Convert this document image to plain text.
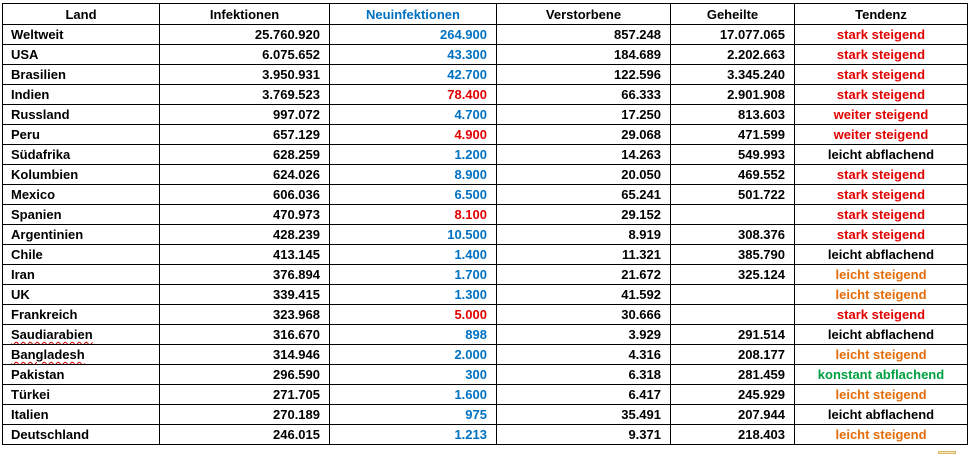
Land	Infektionen	Neuinfektionen	Verstorbene	Geheilte	Tendenz
Weltweit	25.760.920	264.900	857.248	17.077.065	stark steigend
USA	6.075.652	43.300	184.689	2.202.663	stark steigend
Brasilien	3.950.931	42.700	122.596	3.345.240	stark steigend
Indien	3.769.523	78.400	66.333	2.901.908	stark steigend
Russland	997.072	4.700	17.250	813.603	weiter steigend
Peru	657.129	4.900	29.068	471.599	weiter steigend
Südafrika	628.259	1.200	14.263	549.993	leicht abflachend
Kolumbien	624.026	8.900	20.050	469.552	stark steigend
Mexico	606.036	6.500	65.241	501.722	stark steigend
Spanien	470.973	8.100	29.152		stark steigend
Argentinien	428.239	10.500	8.919	308.376	stark steigend
Chile	413.145	1.400	11.321	385.790	leicht abflachend
Iran	376.894	1.700	21.672	325.124	leicht steigend
UK	339.415	1.300	41.592		leicht steigend
Frankreich	323.968	5.000	30.666		stark steigend
Saudiarabien	316.670	898	3.929	291.514	leicht abflachend
Bangladesh	314.946	2.000	4.316	208.177	leicht steigend
Pakistan	296.590	300	6.318	281.459	konstant abflachend
Türkei	271.705	1.600	6.417	245.929	leicht steigend
Italien	270.189	975	35.491	207.944	leicht abflachend
Deutschland	246.015	1.213	9.371	218.403	leicht steigend
